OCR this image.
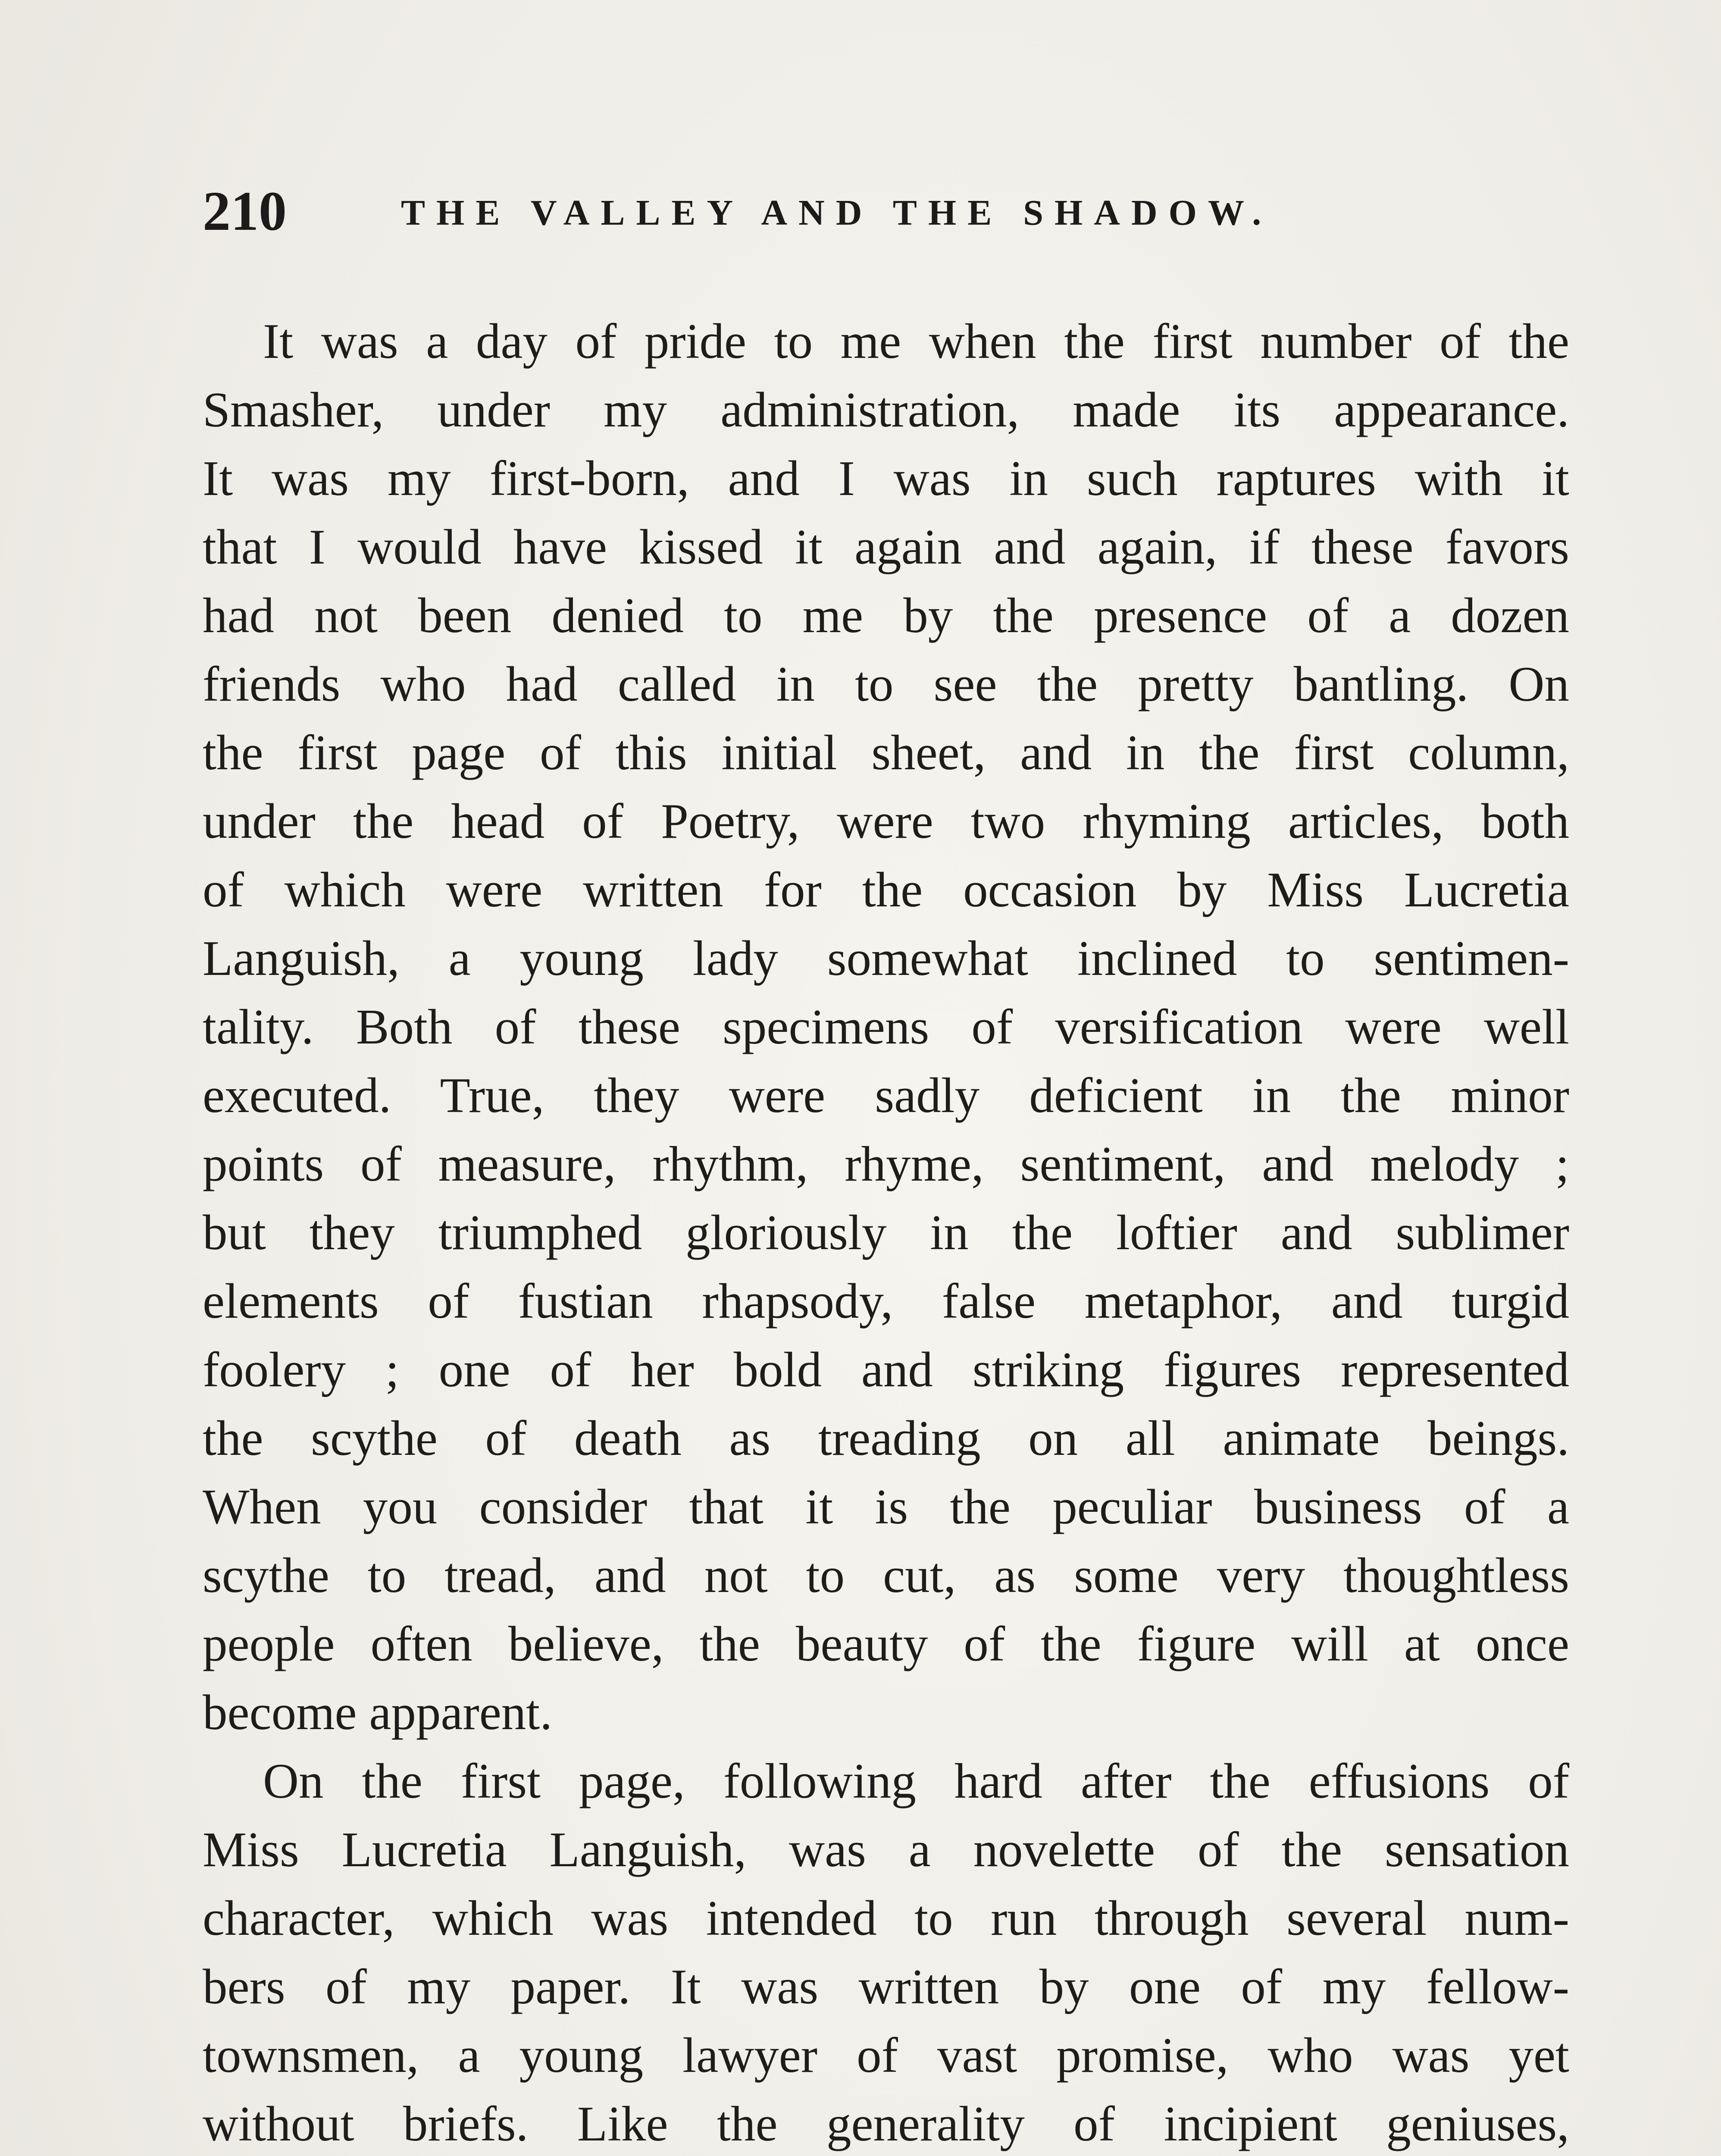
210	THE VALLEY AND THE SHADOW.
It was a day of pride to me when the first number of the
Smasher, under my administration, made its appearance.
It was my first-born, and I was in such raptures with it
that I would have kissed it again and again, if these favors
had not been denied to me by the presence of a dozen
friends who had called in to see the pretty bantling. On
the first page of this initial sheet, and in the first column,
under the head of Poetry, were two rhyming articles, both
of which were written for the occasion by Miss Lucretia
Languish, a young lady somewhat inclined to sentimen-
tality. Both of these specimens of versification were well
executed. True, they were sadly deficient in the minor
points of measure, rhythm, rhyme, sentiment, and melody ;
but they triumphed gloriously in the loftier and sublimer
elements of fustian rhapsody, false metaphor, and turgid
foolery ; one of her bold and striking figures represented
the scythe of death as treading on all animate beings.
When you consider that it is the peculiar business of a
scythe to tread, and not to cut, as some very thoughtless
people often believe, the beauty of the figure will at once
become apparent.
On the first page, following hard after the effusions of
Miss Lucretia Languish, was a novelette of the sensation
character, which was intended to run through several num-
bers of my paper. It was written by one of my fellow-
townsmen, a young lawyer of vast promise, who was yet
without briefs. Like the generality of incipient geniuses,
